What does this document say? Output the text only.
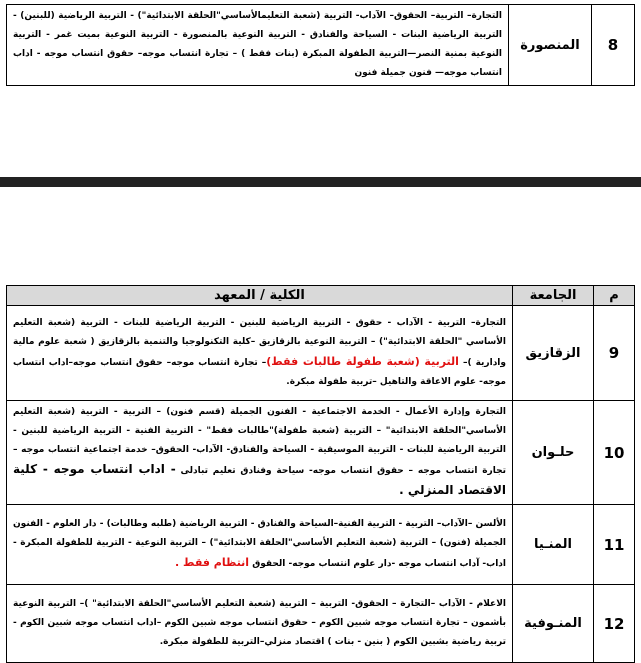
8	المنصورة	التجارة– التربية– الحقوق– الآداب- التربية (شعبة التعليمالأساسي"الحلقة الابتدائية") - التربية الرياضية (للبنين) - التربية الرياضية البنات - السياحة والفنادق - التربية النوعية بالمنصورة - التربية النوعية بميت غمر - التربية النوعية بمنية النصر—التربية الطفولة المبكرة (بنات فقط ) – تجارة انتساب موجه– حقوق انتساب موجه - اداب انتساب موجه— فنون جميلة فنون
م	الجامعة	الكلية / المعهد
9	الزقازيق	التجارة– التربية - الآداب - حقوق - التربية الرياضية للبنين - التربية الرياضية للبنات - التربية (شعبة التعليم الأساسي "الحلقة الابتدائية") – التربية النوعية بالزقازيق –كلية التكنولوجيا والتنمية بالزقازيق ( شعبة علوم مالية وادارية )– التربية (شعبة طفولة طالبات فقط)– تجارة انتساب موجه– حقوق انتساب موجه–اداب انتساب موجه- علوم الاعاقة والتاهيل –تربية طفولة مبكرة.
10	حلـوان	التجارة وإدارة الأعمال - الخدمة الاجتماعية - الفنون الجميلة (قسم فنون) – التربية - التربية (شعبة التعليم الأساسي"الحلقة الابتدائية" – التربية (شعبة طفولة)"طالبات فقط" - التربية الفنية - التربية الرياضية للبنين - التربية الرياضية للبنات - التربية الموسيقية - السياحة والفنادق- الآداب- الحقوق– خدمة اجتماعية انتساب موجه – تجارة انتساب موجه – حقوق انتساب موجه- سياحة وفنادق تعليم تبادلى - اداب انتساب موجه - كلية الاقتصاد المنزلي .
11	المنـيا	الألسن –الآداب– التربية - التربية الفنية–السياحة والفنادق - التربية الرياضية (طلبه وطالبات) - دار العلوم - الفنون الجميلة (فنون) – التربية (شعبة التعليم الأساسي"الحلقة الابتدائية") – التربية النوعية - التربية للطفولة المبكرة - اداب- آداب انتساب موجه -دار علوم انتساب موجه- الحقوق انتظام فقط .
12	المنـوفية	الاعلام - الآداب –التجارة – الحقوق- التربية – التربية (شعبة التعليم الأساسي"الحلقة الابتدائية" )– التربية النوعية بأشمون – تجارة انتساب موجه شبين الكوم – حقوق انتساب موجه شبين الكوم –اداب انتساب موجه شبين الكوم - تربية رياضية بشبين الكوم ( بنين - بنات ) اقتصاد منزلي–التربية للطفولة مبكرة.
